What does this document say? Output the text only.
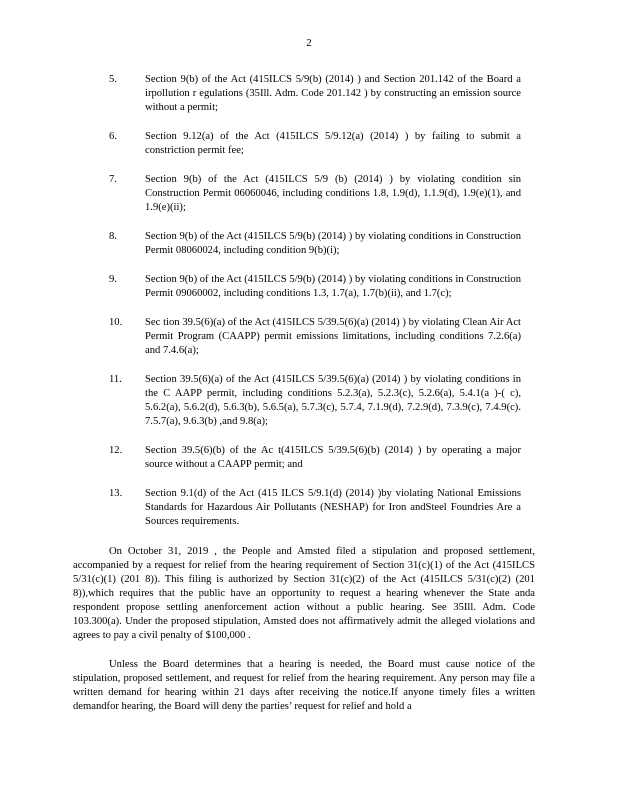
2
5.	Section 9(b) of the Act (415ILCS 5/9(b) (2014) ) and Section 201.142 of the Board a irpollution r egulations (35Ill. Adm. Code 201.142 ) by constructing an emission source without a permit;
6.	Section 9.12(a) of the Act (415ILCS 5/9.12(a) (2014) ) by failing to submit a constriction permit fee;
7.	Section 9(b) of the Act (415ILCS 5/9 (b) (2014) ) by violating condition sin Construction Permit 06060046, including conditions 1.8, 1.9(d), 1.1.9(d), 1.9(e)(1), and 1.9(e)(ii);
8.	Section 9(b) of the Act (415ILCS 5/9(b) (2014) ) by violating conditions in Construction Permit 08060024, including condition 9(b)(i);
9.	Section 9(b) of the Act (415ILCS 5/9(b) (2014) ) by violating conditions in Construction Permit 09060002, including conditions 1.3, 1.7(a), 1.7(b)(ii), and 1.7(c);
10.	Sec tion 39.5(6)(a) of the Act (415ILCS 5/39.5(6)(a) (2014) ) by violating Clean Air Act Permit Program (CAAPP) permit emissions limitations, including conditions 7.2.6(a) and 7.4.6(a);
11.	Section 39.5(6)(a) of the Act (415ILCS 5/39.5(6)(a) (2014) ) by violating conditions in the C AAPP permit, including conditions 5.2.3(a), 5.2.3(c), 5.2.6(a), 5.4.1(a )-( c), 5.6.2(a), 5.6.2(d), 5.6.3(b), 5.6.5(a), 5.7.3(c), 5.7.4, 7.1.9(d), 7.2.9(d), 7.3.9(c), 7.4.9(c). 7.5.7(a), 9.6.3(b) ,and 9.8(a);
12.	Section 39.5(6)(b) of the Ac t(415ILCS 5/39.5(6)(b) (2014) ) by operating a major source without a CAAPP permit; and
13.	Section 9.1(d) of the Act (415 ILCS 5/9.1(d) (2014) )by violating National Emissions Standards for Hazardous Air Pollutants (NESHAP) for Iron andSteel Foundries Are a Sources requirements.

On October 31, 2019 , the People and Amsted filed a stipulation and proposed settlement, accompanied by a request for relief from the hearing requirement of Section 31(c)(1) of the Act (415ILCS 5/31(c)(1) (201 8)). This filing is authorized by Section 31(c)(2) of the Act (415ILCS 5/31(c)(2) (201 8)),which requires that the public have an opportunity to request a hearing whenever the State anda respondent propose settling anenforcement action without a public hearing. See 35Ill. Adm. Code 103.300(a). Under the proposed stipulation, Amsted does not affirmatively admit the alleged violations and agrees to pay a civil penalty of $100,000 .

Unless the Board determines that a hearing is needed, the Board must cause notice of the stipulation, proposed settlement, and request for relief from the hearing requirement. Any person may file a written demand for hearing within 21 days after receiving the notice.If anyone timely files a written demandfor hearing, the Board will deny the parties’ request for relief and hold a
